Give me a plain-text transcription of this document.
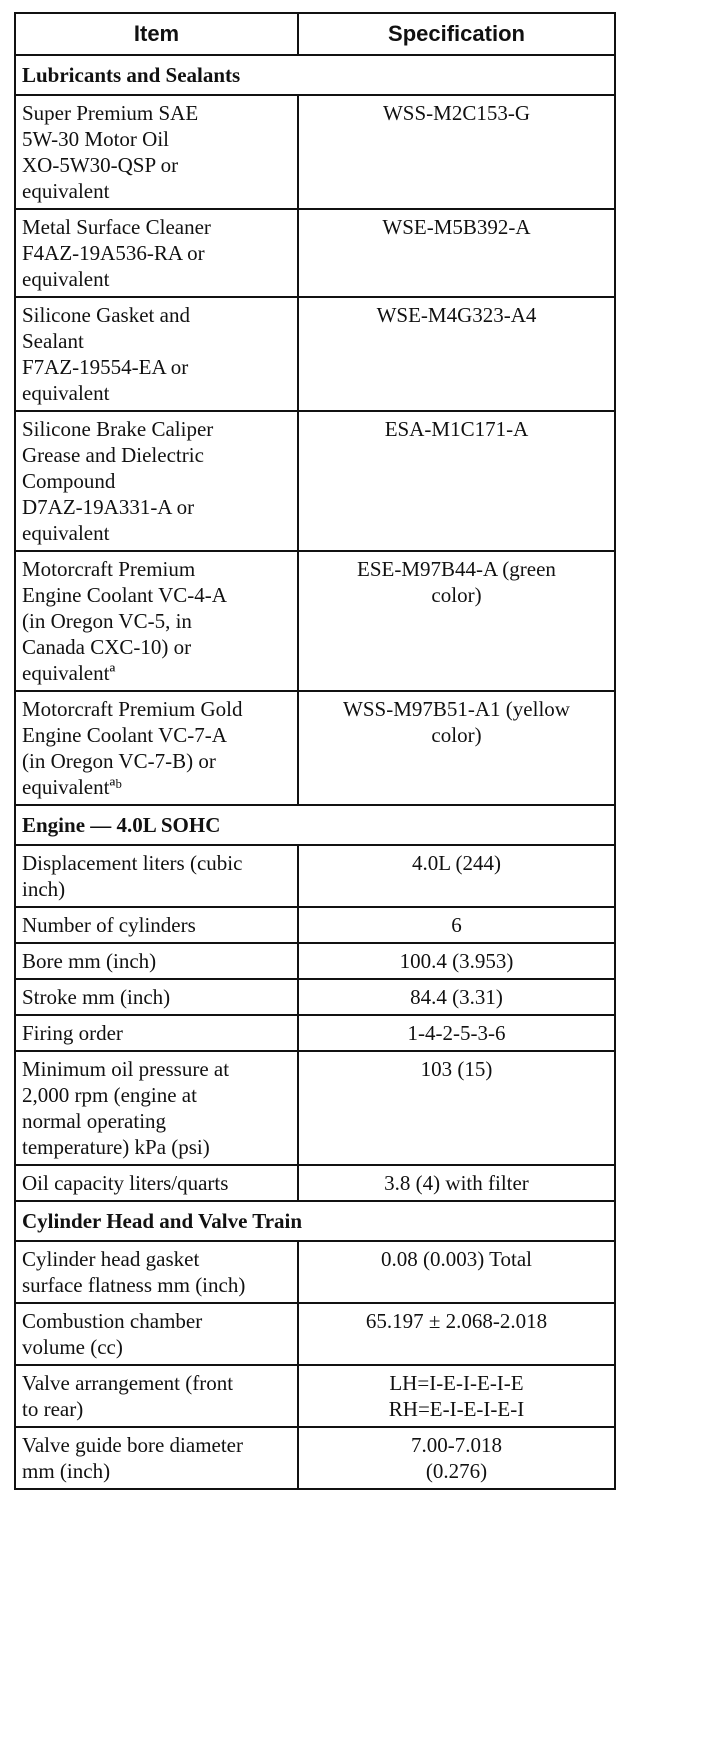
Item	Specification
Lubricants and Sealants	
Super Premium SAE
5W-30 Motor Oil
XO-5W30-QSP or
equivalent	WSS-M2C153-G
Metal Surface Cleaner
F4AZ-19A536-RA or
equivalent	WSE-M5B392-A
Silicone Gasket and
Sealant
F7AZ-19554-EA or
equivalent	WSE-M4G323-A4
Silicone Brake Caliper
Grease and Dielectric
Compound
D7AZ-19A331-A or
equivalent	ESA-M1C171-A
Motorcraft Premium
Engine Coolant VC-4-A
(in Oregon VC-5, in
Canada CXC-10) or
equivalentª	ESE-M97B44-A (green
color)
Motorcraft Premium Gold
Engine Coolant VC-7-A
(in Oregon VC-7-B) or
equivalentªᵇ	WSS-M97B51-A1 (yellow
color)
Engine — 4.0L SOHC	
Displacement liters (cubic
inch)	4.0L (244)
Number of cylinders	6
Bore mm (inch)	100.4 (3.953)
Stroke mm (inch)	84.4 (3.31)
Firing order	1-4-2-5-3-6
Minimum oil pressure at
2,000 rpm (engine at
normal operating
temperature) kPa (psi)	103 (15)
Oil capacity liters/quarts	3.8 (4) with filter
Cylinder Head and Valve Train	
Cylinder head gasket
surface flatness mm (inch)	0.08 (0.003) Total
Combustion chamber
volume (cc)	65.197 ± 2.068-2.018
Valve arrangement (front
to rear)	LH=I-E-I-E-I-E
RH=E-I-E-I-E-I
Valve guide bore diameter
mm (inch)	7.00-7.018
(0.276)
